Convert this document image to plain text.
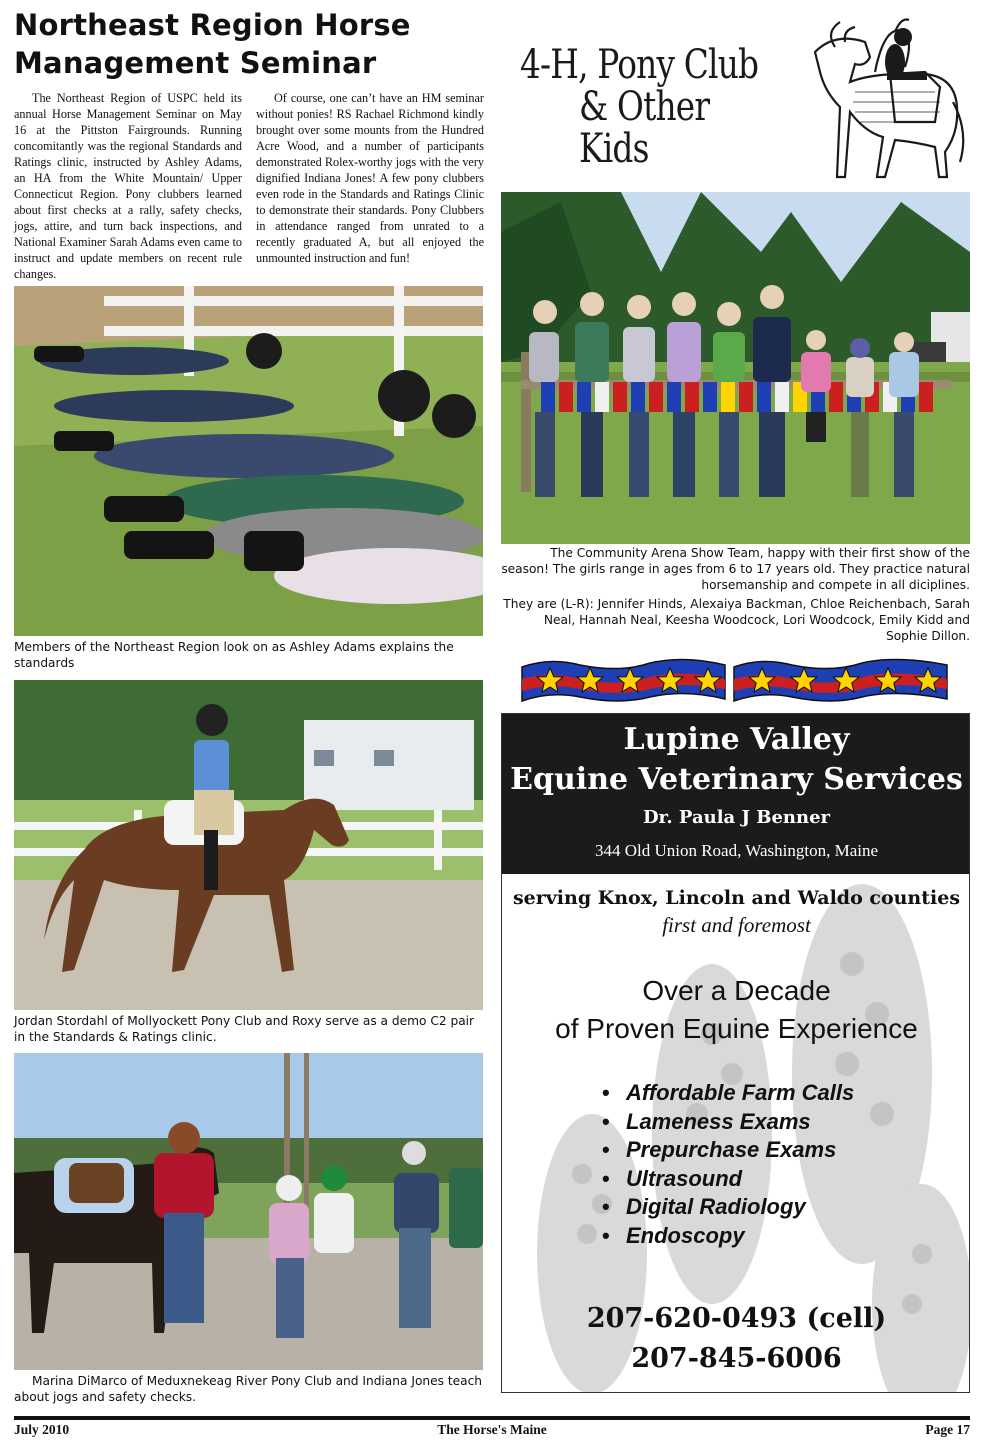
Northeast Region Horse Management Seminar

The Northeast Region of USPC held its annual Horse Management Seminar on May 16 at the Pittston Fairgrounds. Running concomitantly was the regional Standards and Ratings clinic, instructed by Ashley Adams, an HA from the White Mountain/ Upper Connecticut Region. Pony clubbers learned about first checks at a rally, safety checks, jogs, attire, and turn back inspections, and National Examiner Sarah Adams even came to instruct and update members on recent rule changes.

Of course, one can’t have an HM seminar without ponies! RS Rachael Richmond kindly brought over some mounts from the Hundred Acre Wood, and a number of participants demonstrated Rolex-worthy jogs with the very dignified Indiana Jones! A few pony clubbers even rode in the Standards and Ratings Clinic to demonstrate their standards. Pony Clubbers in attendance ranged from unrated to a recently graduated A, but all enjoyed the unmounted instruction and fun!

Members of the Northeast Region look on as Ashley Adams explains the standards
Jordan Stordahl of Mollyockett Pony Club and Roxy serve as a demo C2 pair in the Standards & Ratings clinic.
Marina DiMarco of Meduxnekeag River Pony Club and Indiana Jones teach about jogs and safety checks.
4-H, Pony Club
& Other Kids
The Community Arena Show Team, happy with their first show of the season! The girls range in ages from 6 to 17 years old. They practice natural horsemanship and compete in all diciplines.
They are (L-R): Jennifer Hinds, Alexaiya Backman, Chloe Reichenbach, Sarah Neal, Hannah Neal, Keesha Woodcock, Lori Woodcock, Emily Kidd and Sophie Dillon.
Lupine Valley
Equine Veterinary Services
Dr. Paula J Benner
344 Old Union Road, Washington, Maine
serving Knox, Lincoln and Waldo counties
first and foremost
Over a Decade
of Proven Equine Experience
• Affordable Farm Calls
• Lameness Exams
• Prepurchase Exams
• Ultrasound
• Digital Radiology
• Endoscopy
207-620-0493 (cell)
207-845-6006
July 2010	The Horse's Maine	Page 17
